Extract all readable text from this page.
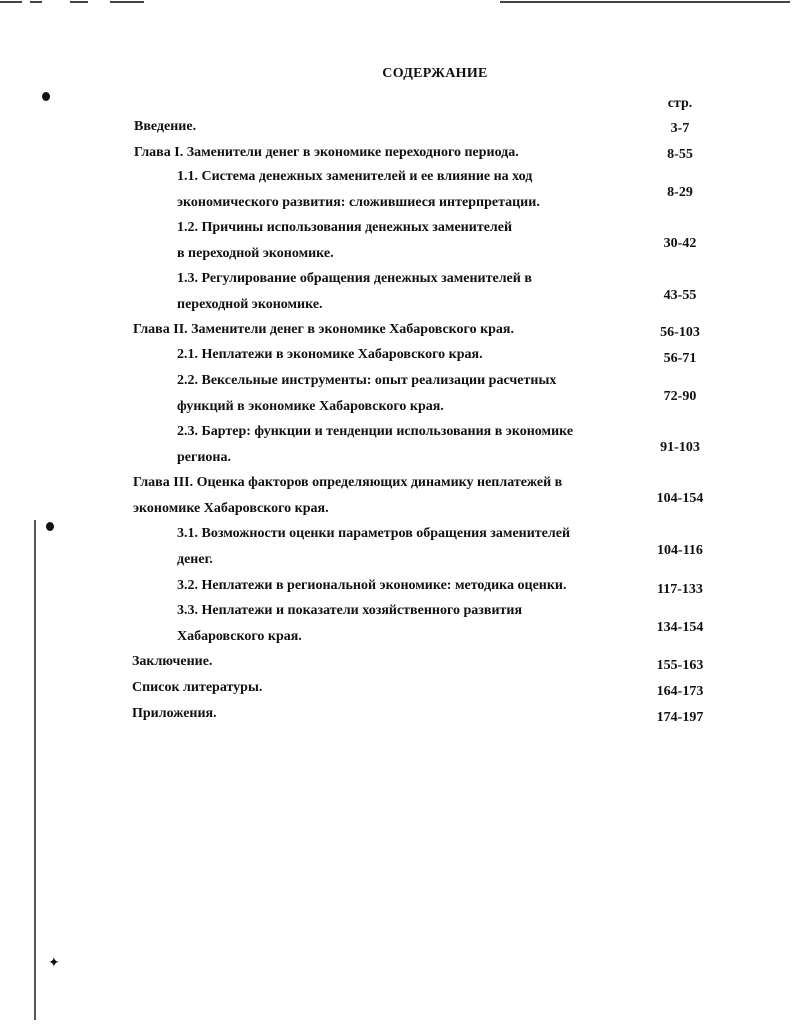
✦
СОДЕРЖАНИЕ
стр.
Введение.	3-7
Глава I. Заменители денег в экономике переходного периода.	8-55
1.1. Система денежных заменителей и ее влияние на ход
экономического развития: сложившиеся интерпретации.
8-29
1.2. Причины использования денежных заменителей
в переходной экономике.
30-42
1.3. Регулирование обращения денежных заменителей в
переходной экономике.
43-55
Глава II. Заменители денег в экономике Хабаровского края.	56-103
2.1. Неплатежи в экономике Хабаровского края.	56-71
2.2. Вексельные инструменты: опыт реализации расчетных
функций в экономике Хабаровского края.
72-90
2.3. Бартер: функции и тенденции использования в экономике
региона.
91-103
Глава III. Оценка факторов определяющих динамику неплатежей в
экономике Хабаровского края.
104-154
3.1. Возможности оценки параметров обращения заменителей
денег.
104-116
3.2. Неплатежи в региональной экономике: методика оценки.	117-133
3.3. Неплатежи и показатели хозяйственного развития
Хабаровского края.
134-154
Заключение.	155-163
Список литературы.	164-173
Приложения.	174-197
